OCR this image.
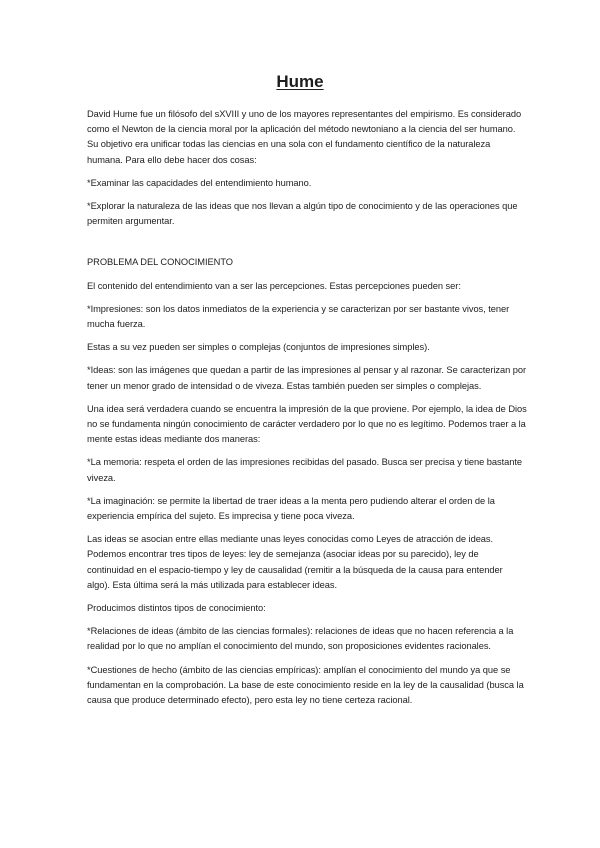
Hume

David Hume fue un filósofo del sXVIII y uno de los mayores representantes del empirismo. Es considerado como el Newton de la ciencia moral por la aplicación del método newtoniano a la ciencia del ser humano. Su objetivo era unificar todas las ciencias en una sola con el fundamento científico de la naturaleza humana. Para ello debe hacer dos cosas:

*Examinar las capacidades del entendimiento humano.

*Explorar la naturaleza de las ideas que nos llevan a algún tipo de conocimiento y de las operaciones que permiten argumentar.

PROBLEMA DEL CONOCIMIENTO

El contenido del entendimiento van a ser las percepciones. Estas percepciones pueden ser:

*Impresiones: son los datos inmediatos de la experiencia y se caracterizan por ser bastante vivos, tener mucha fuerza.

Estas a su vez pueden ser simples o complejas (conjuntos de impresiones simples).

*Ideas: son las imágenes que quedan a partir de las impresiones al pensar y al razonar. Se caracterizan por tener un menor grado de intensidad o de viveza. Estas también pueden ser simples o complejas.

Una idea será verdadera cuando se encuentra la impresión de la que proviene. Por ejemplo, la idea de Dios no se fundamenta ningún conocimiento de carácter verdadero por lo que no es legítimo. Podemos traer a la mente estas ideas mediante dos maneras:

*La memoria: respeta el orden de las impresiones recibidas del pasado. Busca ser precisa y tiene bastante viveza.

*La imaginación: se permite la libertad de traer ideas a la menta pero pudiendo alterar el orden de la experiencia empírica del sujeto. Es imprecisa y tiene poca viveza.

Las ideas se asocian entre ellas mediante unas leyes conocidas como Leyes de atracción de ideas. Podemos encontrar tres tipos de leyes: ley de semejanza (asociar ideas por su parecido), ley de continuidad en el espacio-tiempo y ley de causalidad (remitir a la búsqueda de la causa para entender algo). Esta última será la más utilizada para establecer ideas.

Producimos distintos tipos de conocimiento:

*Relaciones de ideas (ámbito de las ciencias formales): relaciones de ideas que no hacen referencia a la realidad por lo que no amplían el conocimiento del mundo, son proposiciones evidentes racionales.

*Cuestiones de hecho (ámbito de las ciencias empíricas): amplían el conocimiento del mundo ya que se fundamentan en la comprobación. La base de este conocimiento reside en la ley de la causalidad (busca la causa que produce determinado efecto), pero esta ley no tiene certeza racional.
